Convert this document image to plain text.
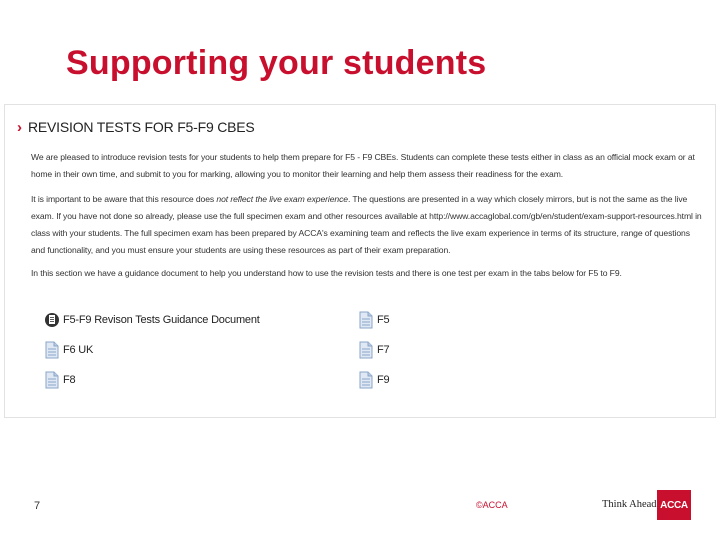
Supporting your students
› REVISION TESTS FOR F5-F9 CBES

We are pleased to introduce revision tests for your students to help them prepare for F5 - F9 CBEs. Students can complete these tests either in class as an official mock exam or at home in their own time, and submit to you for marking, allowing you to monitor their learning and help them assess their readiness for the exam.

It is important to be aware that this resource does not reflect the live exam experience. The questions are presented in a way which closely mirrors, but is not the same as the live exam. If you have not done so already, please use the full specimen exam and other resources available at http://www.accaglobal.com/gb/en/student/exam-support-resources.html in class with your students. The full specimen exam has been prepared by ACCA's examining team and reflects the live exam experience in terms of its structure, range of questions and functionality, and you must ensure your students are using these resources as part of their exam preparation.

In this section we have a guidance document to help you understand how to use the revision tests and there is one test per exam in the tabs below for F5 to F9.

F5-F9 Revison Tests Guidance Document
F6 UK
F8
F5
F7
F9
7	©ACCA	Think Ahead ACCA
